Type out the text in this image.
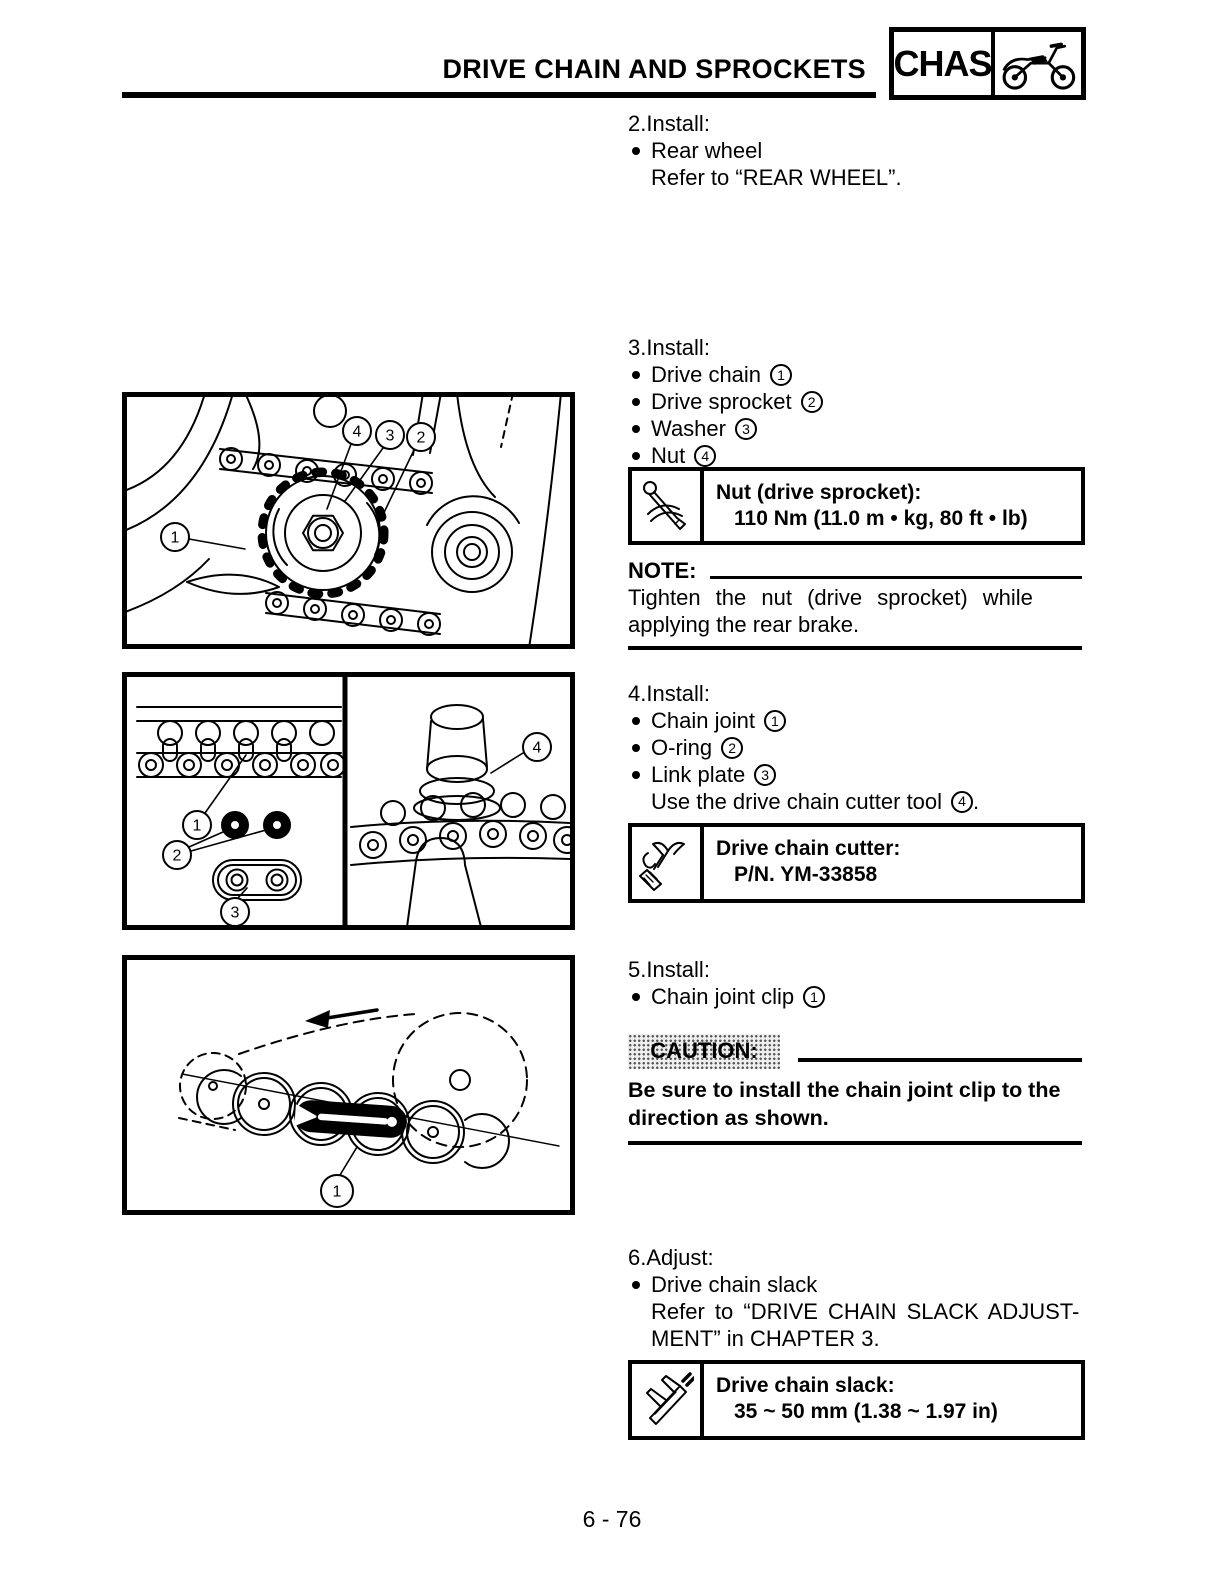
DRIVE CHAIN AND SPROCKETS CHAS
1
2
3
4
1
2
3
4
1
2.Install:
Rear wheel
Refer to “REAR WHEEL”.
3.Install:
Drive chain	1
Drive sprocket	2
Washer	3
Nut	4
Nut (drive sprocket):
110 Nm (11.0 m • kg, 80 ft • lb)
NOTE:
Tighten the nut (drive sprocket) while
applying the rear brake.
4.Install:
Chain joint	1
O-ring	2
Link plate	3
Use the drive chain cutter tool	4 .
Drive chain cutter:
P/N. YM-33858
5.Install:
Chain joint clip	1
CAUTION:
Be sure to install the chain joint clip to the
direction as shown.
6.Adjust:
Drive chain slack
Refer to “DRIVE CHAIN SLACK ADJUST-
MENT” in CHAPTER 3.
Drive chain slack:
35 ~ 50 mm (1.38 ~ 1.97 in)
6 - 76
